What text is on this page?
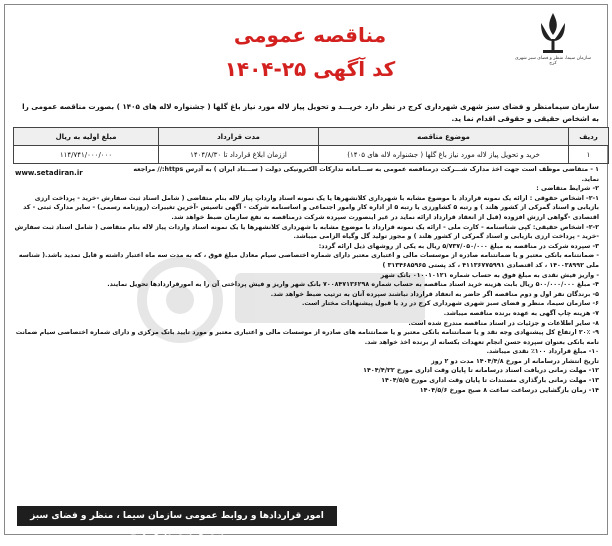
سازمان سیما، منظر و فضای سبز شهری کرج
مناقصه عمومی
کد آگهی ۲۵-۱۴۰۴
سازمان سیمامنظر و فضای سبز شهری شهرداری کرج در نظر دارد خریـــد و تحویل پیاز لاله مورد نیاز باغ گلها ( جشنواره لاله های ۱۴۰۵ ) بصورت مناقصه عمومی را به اشخاص حقیقی و حقوقی اقدام نما ید.
ردیف	موضوع مناقصه	مدت قرارداد	مبلغ اولیه به ریال
۱	خرید و تحویل پیاز لاله مورد نیاز باغ گلها ( جشنواره لاله های ۱۴۰۵)	اززمان ابلاغ قرارداد تا ۱۴۰۴/۸/۳۰	۱۱۴/۷۴۱/۰۰۰/۰۰۰
www.setadiran.ir	۱ - متقاضی موظف است جهت اخذ مدارک شـــرکت درمناقصه عمومی به ســـامانه تدارکات الکترونیکی دولت ( ســـتاد ایران ) به آدرس https:// مراجعه نماید.

۲- شرایط متقاضی :

۲-۱- اشخاص حقوقی : ارائه یک نمونه قرارداد با موضوع مشابه با شهرداری کلانشهرها یا یک نمونه اسناد وارداتِ پیاز لاله بنام متقاضی ( شامل اسناد ثبت سفارش -خرید - پرداخت ارزی بازیابی و اسناد گمرکی از کشور هلند ) و رتبه ۵ کشاورزی یا رتبه ۵ از اداره کار وامور اجتماعی و اساسنامه شرکت - آگهی تاسیس -آخرین تغییرات (روزنامه رسمی) - سایر مدارک ثبتی - کد اقتصادی -گواهی ارزش افزوده (قبل از انعقاد قرارداد ارائه نماید در غیر اینصورت سپرده شرکت درمناقصه به نفع سازمان ضبط خواهد شد.

۲-۲- اشخاص حقیقی: کپی شناسنامه - کارت ملی - ارائه یک نمونه قرارداد با موضوع مشابه با شهرداری کلانشهرها یا یک نمونه اسناد واردات پیاز لاله بنام متقاضی ( شامل اسناد ثبت سفارش -خرید - پرداخت ارزی بازیابی و اسناد گمرکی از کشور هلند ) و مجوز تولید گل وگیاه الزامی میباشد.

۳- سپرده شرکت در مناقصه به مبلغ ۵/۷۳۷/۰۵۰/۰۰۰ ریال به یکی از روشهای ذیل ارائه گردد:

- ضمانتنامه بانکی معتبر و یا ضمانتنامه صادره از موسسات مالی و اعتباری معتبر دارای شماره اختصاصی سیام معادل مبلغ فوق ، که به مدت سه ماه اعتبار داشته و قابل تمدید باشد.( شناسه ملی ۱۴۰۰۳۸۹۹۲ ، کد اقتصادی ۴۱۱۳۶۷۷۵۹۹۱ ، کد پستی ۳۱۳۴۶۸۵۹۶۵ )

- واریز فیش نقدی به مبلغ فوق به حساب شماره ۰۱۰۰۱۰۱۲۱ بانک شهر

۴- مبلغ ۵۰۰/۰۰۰/۰۰۰ ریال بابت هزینه خرید اسناد مناقصه به حساب شماره ۷۰۰۸۴۷۱۳۶۲۹۸ بانک شهر واریز و فیش پرداختی آن را به امورقراردادها تحویل نمایند.

۵- برندگان نفر اول و دوم مناقصه اگر حاضر به انعقاد قرارداد نباشند سپرده آنان به ترتیب ضبط خواهد شد.

۶- سازمان سیما، منظر و فضای سبز شهری شهرداری کرج در رد یا قبول پیشنهادات مختار است.

۷- هزینه چاپ آگهی به عهده برنده مناقصه میباشد.

۸- سایر اطلاعات و جزئیات در اسناد مناقصه مندرج شده است.

۹- ۲۰٪ ارتفاع کل پیشنهادی وجه نقد و یا ضمانتنامه بانکی معتبر و یا ضمانتنامه های صادره از موسسات مالی و اعتباری معتبر و مورد تایید بانک مرکزی و دارای شماره اختصاصی سیام ضمانت نامه بانکی بعنوان سپرده حسن انجام تعهدات بکسانه از برنده اخذ خواهد شد.

۱۰- مبلغ قرارداد ۱۰۰٪ نقدی میباشد.

تاریخ انتشار درسامانه از مورخ ۱۴۰۴/۴/۸ مدت دو ۲ روز

۱۲- مهلت زمانی دریافت اسناد درسامانه تا پایان وقت اداری مورخ ۱۴۰۴/۴/۲۲

۱۳- مهلت زمانی بارگذاری مستندات تا پایان وقت اداری مورخ ۱۴۰۴/۵/۵

۱۴- زمان بازگشایی درساعت ساعت ۸ صبح مورخ ۱۴۰۴/۵/۶

امور قراردادها و روابط عمومی سازمان سیما ، منظر و فضای سبز شهری شهرداری کرج
